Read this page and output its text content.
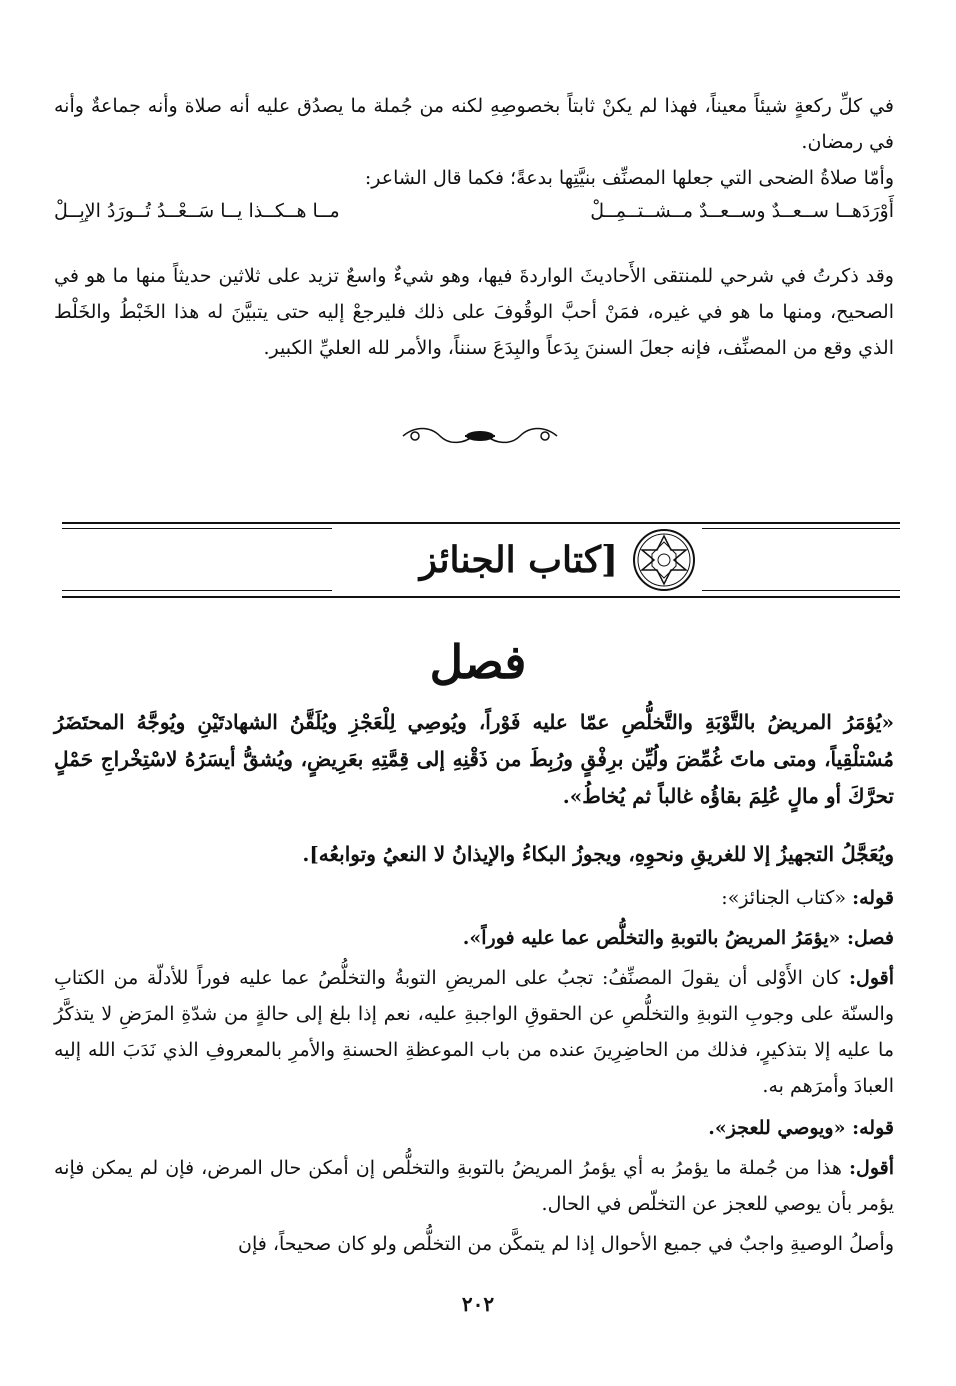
في كلِّ ركعةٍ شيئاً معيناً، فهذا لم يكنْ ثابتاً بخصوصِهِ لكنه من جُملة ما يصدُق عليه أنه صلاة وأنه جماعةٌ وأنه في رمضان.

وأمّا صلاةُ الضحى التي جعلها المصنِّف بنيَّتِها بدعةً؛ فكما قال الشاعر:

أَوْرَدَهــا ســعــدٌ وســعــدٌ مــشــتــمِــلْ
مــا هــكــذا يــا سَــعْــدُ تُــورَدُ الإبِــلْ

وقد ذكرتُ في شرحي للمنتقى الأَحاديثَ الواردةَ فيها، وهو شيءٌ واسعٌ تزيد على ثلاثين حديثاً منها ما هو في الصحيح، ومنها ما هو في غيره، فمَنْ أحبَّ الوقُوفَ على ذلك فليرجعْ إليه حتى يتبيَّنَ له هذا الخَبْطُ والخَلْط الذي وقع من المصنِّف، فإنه جعلَ السننَ بِدَعاً والبِدَعَ سنناً، والأمر لله العليِّ الكبير.

[كتاب الجنائز
فصل

«يُؤمَرُ المريضُ بالتَّوْبَةِ والتَّخلُّصِ عمّا عليه فَوْراً، ويُوصِي لِلْعَجْزِ ويُلَقَّنُ الشهادتَيْنِ ويُوجَّهُ المحتَضَرُ مُسْتلْقِياً، ومتى ماتَ غُمِّضَ ولُيِّن برِفْقٍ ورُبِطَ من ذَقْنِهِ إلى قِمَّتِهِ بعَرِيضٍ، ويُشقُّ أيسَرُهُ لاسْتِخْراجِ حَمْلٍ تحرَّكَ أو مالٍ عُلِمَ بقاؤُه غالباً ثم يُخاطُ».

ويُعَجَّلُ التجهيزُ إلا للغريقِ ونحوِهِ، ويجوزُ البكاءُ والإيذانُ لا النعيُ وتوابعُه].

قوله: «كتاب الجنائز»:

فصل: «يؤمَرُ المريضُ بالتوبةِ والتخلُّص عما عليه فوراً».

أقول: كان الأَوْلى أن يقولَ المصنِّفُ: تجبُ على المريضِ التوبةُ والتخلُّصُ عما عليه فوراً للأدلّة من الكتابِ والسنّة على وجوبِ التوبةِ والتخلُّصِ عن الحقوقِ الواجبةِ عليه، نعم إذا بلغ إلى حالةٍ من شدّةِ المرَضِ لا يتذكَّرُ ما عليه إلا بتذكيرٍ، فذلك من الحاضِرِينَ عنده من باب الموعظةِ الحسنةِ والأمرِ بالمعروفِ الذي نَدَبَ الله إليه العبادَ وأمرَهم به.

قوله: «ويوصي للعجز».

أقول: هذا من جُملة ما يؤمرُ به أي يؤمرُ المريضُ بالتوبةِ والتخلُّص إن أمكن حال المرض، فإن لم يمكن فإنه يؤمر بأن يوصي للعجز عن التخلّص في الحال.

وأصلُ الوصيةِ واجبٌ في جميع الأحوال إذا لم يتمكَّن من التخلُّص ولو كان صحيحاً، فإن

٢٠٢
